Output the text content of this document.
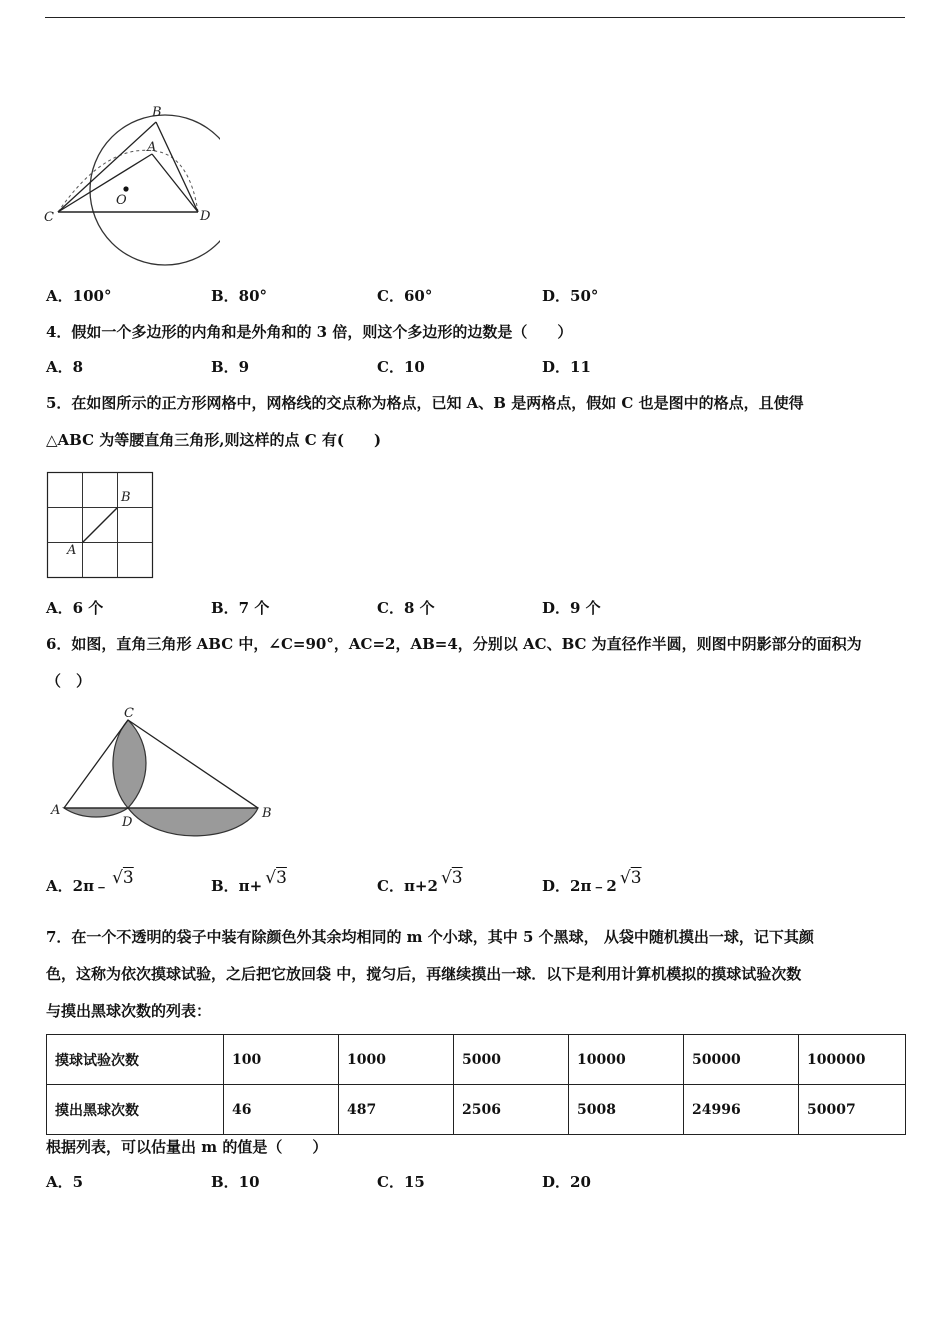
B
A
C
O
D
A．100°	B．80°	C．60°	D．50°
4．假如一个多边形的内角和是外角和的 3 倍，则这个多边形的边数是（　　）
A．8	B．9	C．10	D．11
5．在如图所示的正方形网格中，网格线的交点称为格点，已知 A、B 是两格点，假如 C 也是图中的格点，且使得
△ABC 为等腰直角三角形,则这样的点 C 有(　　)
B
A
A．6 个	B．7 个	C．8 个	D．9 个
6．如图，直角三角形 ABC 中，∠C=90°，AC=2，AB=4，分别以 AC、BC 为直径作半圆，则图中阴影部分的面积为
（　）
C
A
D
B
A．2π﹣ √3	B．π+ √3	C．π+2 √3	D．2π﹣2 √3
7．在一个不透明的袋子中装有除颜色外其余均相同的 m 个小球，其中 5 个黑球， 从袋中随机摸出一球，记下其颜
色，这称为依次摸球试验，之后把它放回袋 中，搅匀后，再继续摸出一球．以下是利用计算机模拟的摸球试验次数
与摸出黑球次数的列表：
摸球试验次数	100	1000	5000	10000	50000	100000
摸出黑球次数	46	487	2506	5008	24996	50007
根据列表，可以估量出 m 的值是（　　）
A．5	B．10	C．15	D．20
